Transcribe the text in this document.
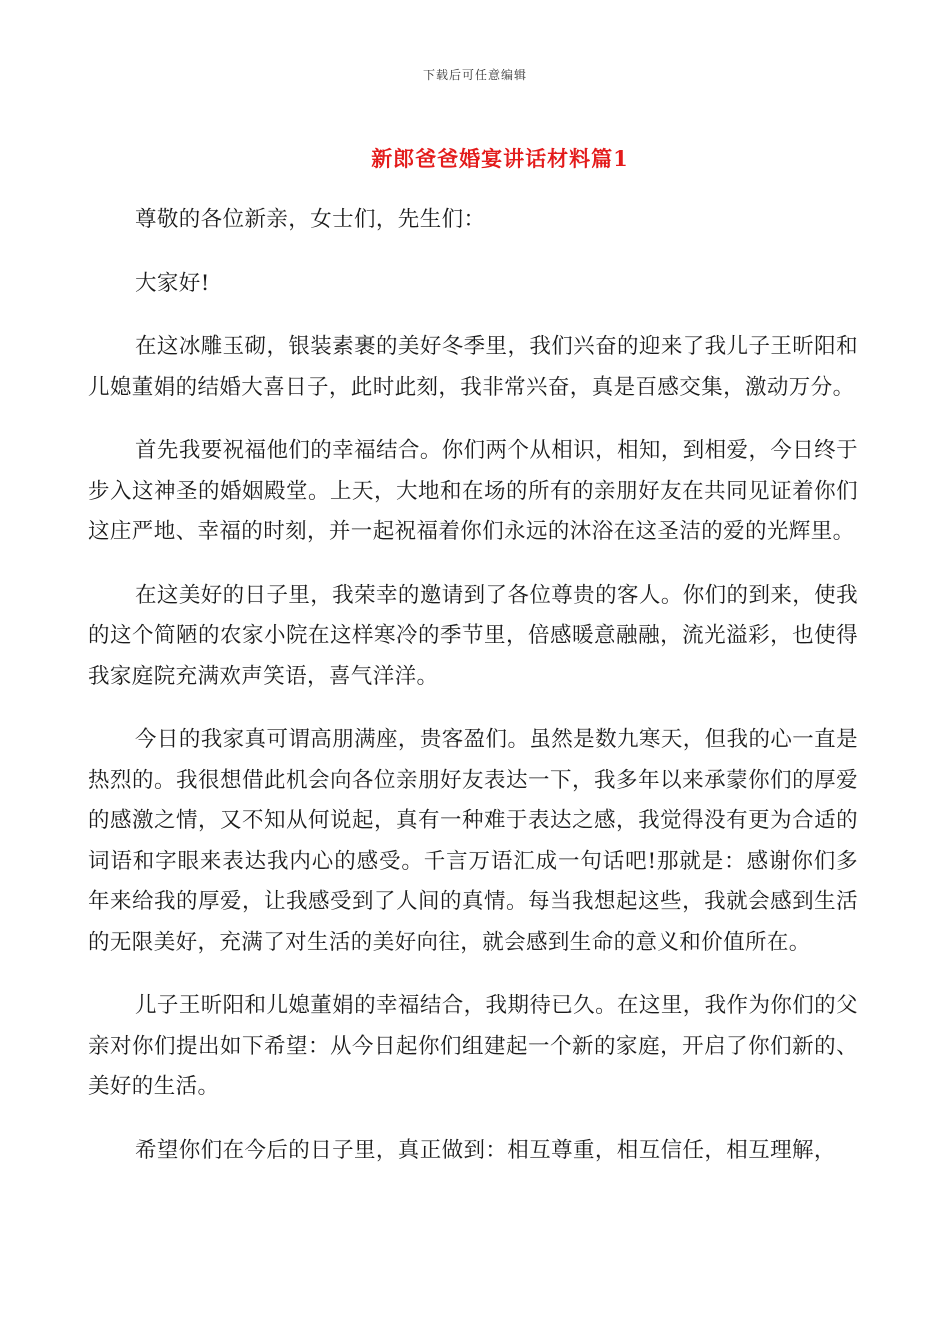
下载后可任意编辑
新郎爸爸婚宴讲话材料篇1

尊敬的各位新亲，女士们，先生们：

大家好!

在这冰雕玉砌，银装素裹的美好冬季里，我们兴奋的迎来了我儿子王昕阳和儿媳董娟的结婚大喜日子，此时此刻，我非常兴奋，真是百感交集，激动万分。

首先我要祝福他们的幸福结合。你们两个从相识，相知，到相爱，今日终于步入这神圣的婚姻殿堂。上天，大地和在场的所有的亲朋好友在共同见证着你们这庄严地、幸福的时刻，并一起祝福着你们永远的沐浴在这圣洁的爱的光辉里。

在这美好的日子里，我荣幸的邀请到了各位尊贵的客人。你们的到来，使我的这个简陋的农家小院在这样寒冷的季节里，倍感暖意融融，流光溢彩，也使得我家庭院充满欢声笑语，喜气洋洋。

今日的我家真可谓高朋满座，贵客盈们。虽然是数九寒天，但我的心一直是热烈的。我很想借此机会向各位亲朋好友表达一下，我多年以来承蒙你们的厚爱的感激之情，又不知从何说起，真有一种难于表达之感，我觉得没有更为合适的词语和字眼来表达我内心的感受。千言万语汇成一句话吧!那就是：感谢你们多年来给我的厚爱，让我感受到了人间的真情。每当我想起这些，我就会感到生活的无限美好，充满了对生活的美好向往，就会感到生命的意义和价值所在。

儿子王昕阳和儿媳董娟的幸福结合，我期待已久。在这里，我作为你们的父亲对你们提出如下希望：从今日起你们组建起一个新的家庭，开启了你们新的、美好的生活。

希望你们在今后的日子里，真正做到：相互尊重，相互信任，相互理解，
